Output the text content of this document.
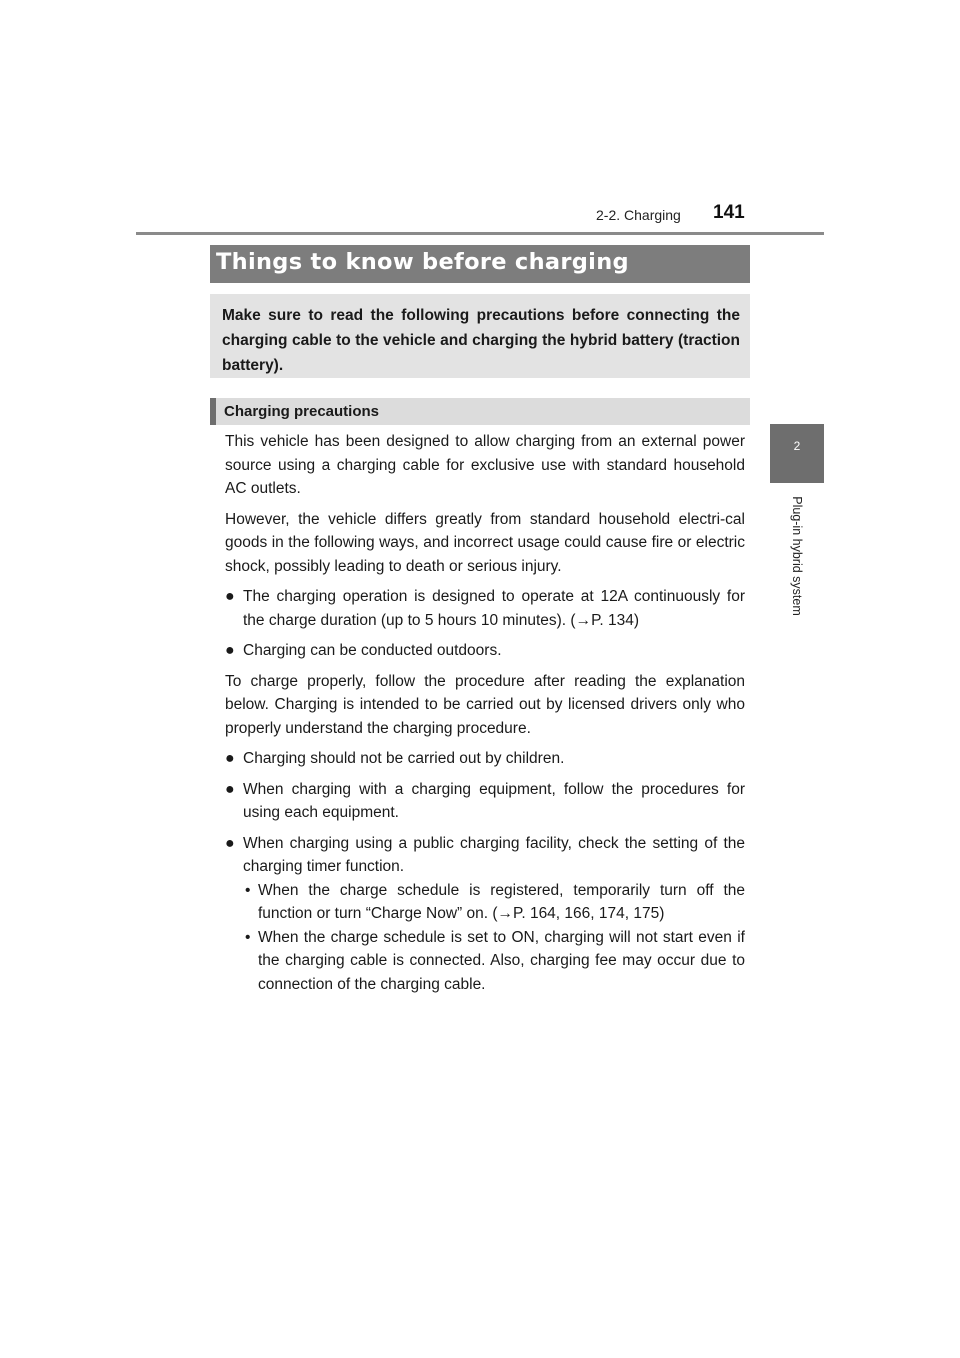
2-2. Charging 141
2
Plug-in hybrid system
Things to know before charging
Make sure to read the following precautions before connecting the charging cable to the vehicle and charging the hybrid battery (traction battery).
Charging precautions

This vehicle has been designed to allow charging from an external power source using a charging cable for exclusive use with standard household AC outlets.

However, the vehicle differs greatly from standard household electri-cal goods in the following ways, and incorrect usage could cause fire or electric shock, possibly leading to death or serious injury.

● The charging operation is designed to operate at 12A continuously for the charge duration (up to 5 hours 10 minutes). (→P. 134)
● Charging can be conducted outdoors.

To charge properly, follow the procedure after reading the explanation below. Charging is intended to be carried out by licensed drivers only who properly understand the charging procedure.

● Charging should not be carried out by children.
● When charging with a charging equipment, follow the procedures for using each equipment.
● When charging using a public charging facility, check the setting of the charging timer function.
• When the charge schedule is registered, temporarily turn off the function or turn “Charge Now” on. (→P. 164, 166, 174, 175)
• When the charge schedule is set to ON, charging will not start even if the charging cable is connected. Also, charging fee may occur due to connection of the charging cable.
